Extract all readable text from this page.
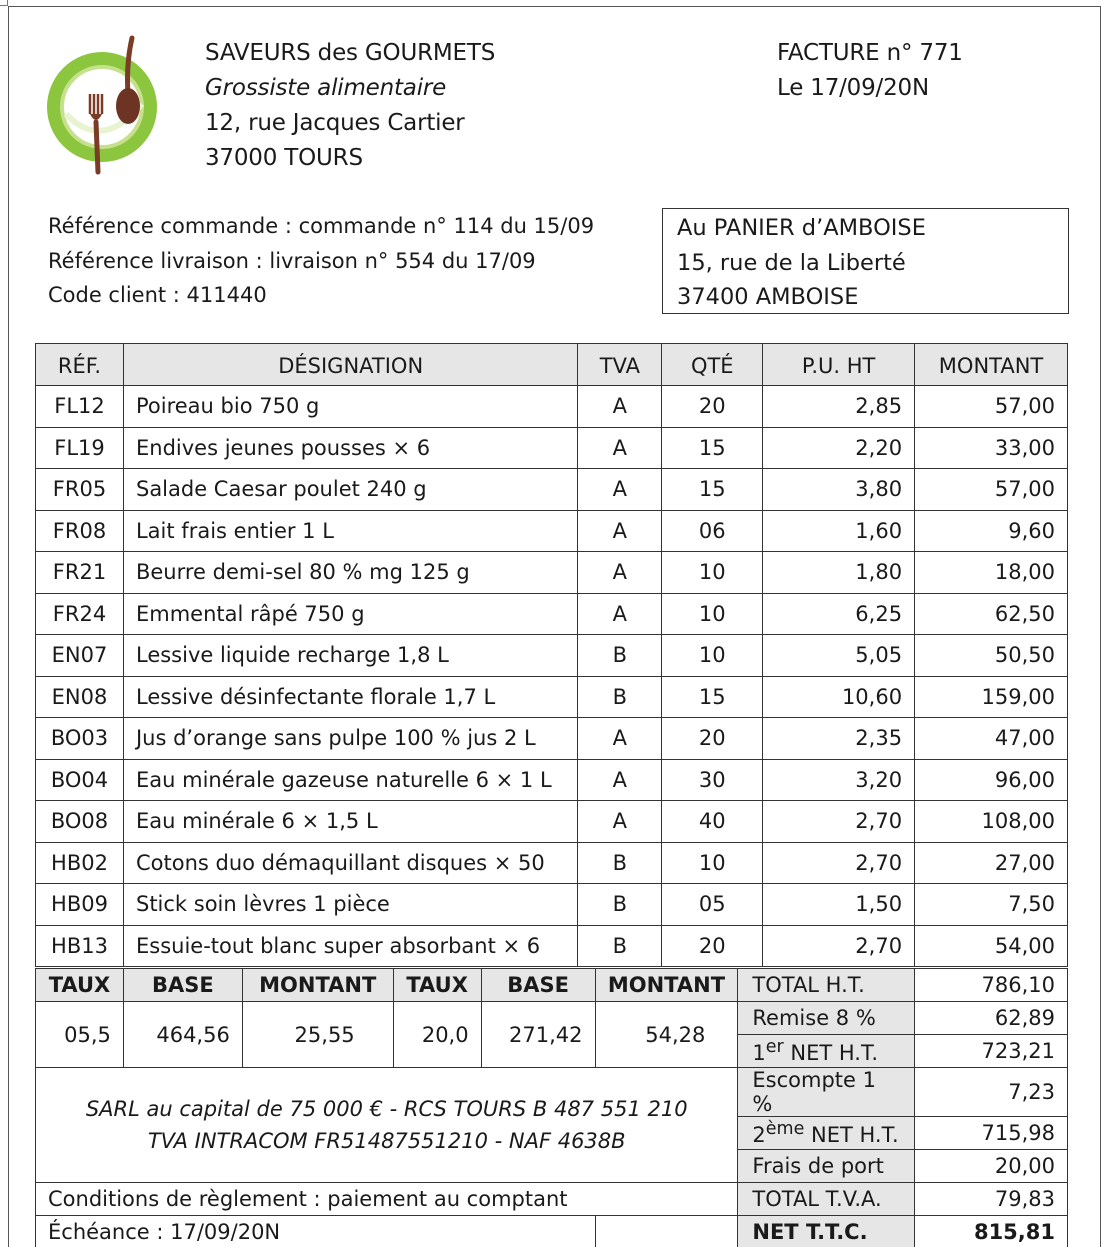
SAVEURS des GOURMETS
Grossiste alimentaire
12, rue Jacques Cartier
37000 TOURS
FACTURE n° 771
Le 17/09/20N
Référence commande : commande n° 114 du 15/09
Référence livraison : livraison n° 554 du 17/09
Code client : 411440
Au PANIER d’AMBOISE
15, rue de la Liberté
37400 AMBOISE
RÉF.	DÉSIGNATION	TVA	QTÉ	P.U. HT	MONTANT
FL12	Poireau bio 750 g	A	20	2,85	57,00
FL19	Endives jeunes pousses × 6	A	15	2,20	33,00
FR05	Salade Caesar poulet 240 g	A	15	3,80	57,00
FR08	Lait frais entier 1 L	A	06	1,60	9,60
FR21	Beurre demi-sel 80 % mg 125 g	A	10	1,80	18,00
FR24	Emmental râpé 750 g	A	10	6,25	62,50
EN07	Lessive liquide recharge 1,8 L	B	10	5,05	50,50
EN08	Lessive désinfectante florale 1,7 L	B	15	10,60	159,00
BO03	Jus d’orange sans pulpe 100 % jus 2 L	A	20	2,35	47,00
BO04	Eau minérale gazeuse naturelle 6 × 1 L	A	30	3,20	96,00
BO08	Eau minérale 6 × 1,5 L	A	40	2,70	108,00
HB02	Cotons duo démaquillant disques × 50	B	10	2,70	27,00
HB09	Stick soin lèvres 1 pièce	B	05	1,50	7,50
HB13	Essuie-tout blanc super absorbant × 6	B	20	2,70	54,00
TAUX	BASE	MONTANT	TAUX	BASE	MONTANT	TOTAL H.T.	786,10
05,5	464,56	25,55	20,0	271,42	54,28	Remise 8 %	62,89
						1er NET H.T.	723,21

SARL au capital de 75 000 € - RCS TOURS B 487 551 210
TVA INTRACOM FR51487551210 - NAF 4638B						Escompte 1 %	7,23
						2ème NET H.T.	715,98
						Frais de port	20,00
Conditions de règlement : paiement au comptant						TOTAL T.V.A.	79,83
Échéance : 17/09/20N						NET T.T.C.	815,81
